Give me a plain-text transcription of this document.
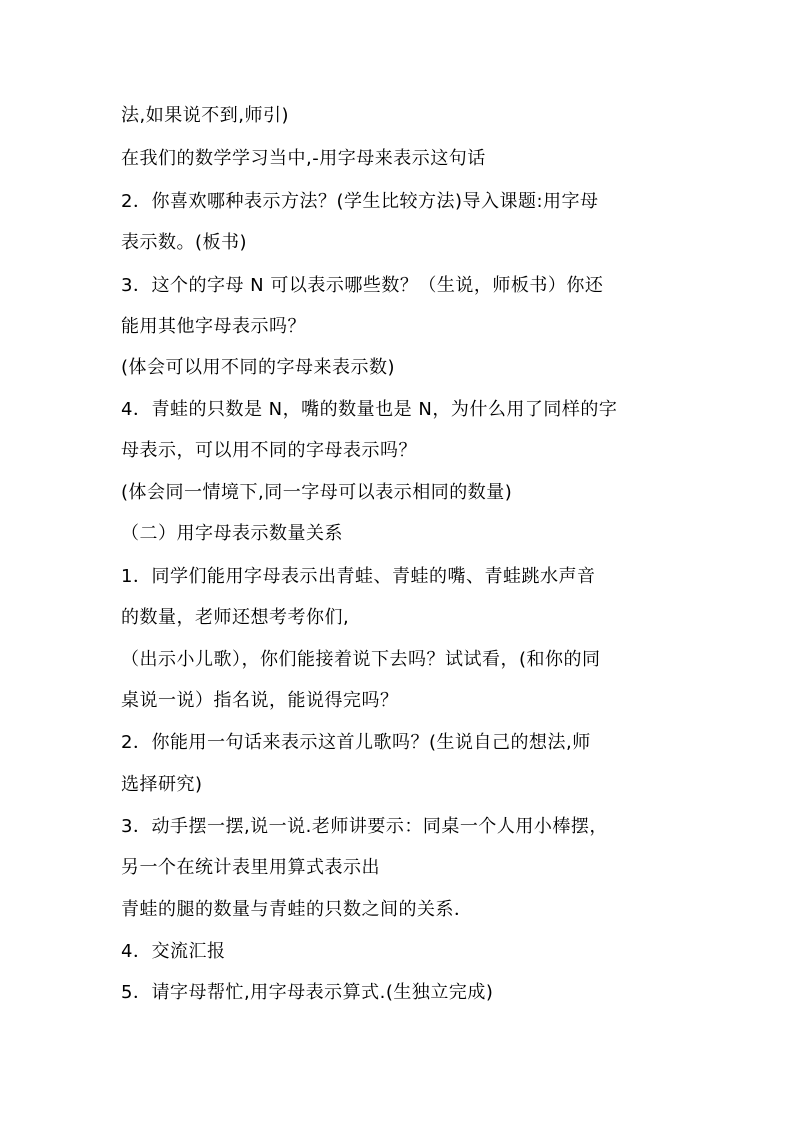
法,如果说不到,师引)
在我们的数学学习当中,-用字母来表示这句话
2．你喜欢哪种表示方法？(学生比较方法)导入课题:用字母
表示数。(板书)
3．这个的字母 N 可以表示哪些数？（生说，师板书）你还
能用其他字母表示吗？
(体会可以用不同的字母来表示数)
4．青蛙的只数是 N，嘴的数量也是 N，为什么用了同样的字
母表示，可以用不同的字母表示吗？
(体会同一情境下,同一字母可以表示相同的数量)
（二）用字母表示数量关系
1．同学们能用字母表示出青蛙、青蛙的嘴、青蛙跳水声音
的数量，老师还想考考你们,
（出示小儿歌），你们能接着说下去吗？试试看，(和你的同
桌说一说）指名说，能说得完吗？
2．你能用一句话来表示这首儿歌吗？(生说自己的想法,师
选择研究)
3．动手摆一摆,说一说.老师讲要示：同桌一个人用小棒摆，
另一个在统计表里用算式表示出
青蛙的腿的数量与青蛙的只数之间的关系．
4．交流汇报
5．请字母帮忙,用字母表示算式.(生独立完成)
